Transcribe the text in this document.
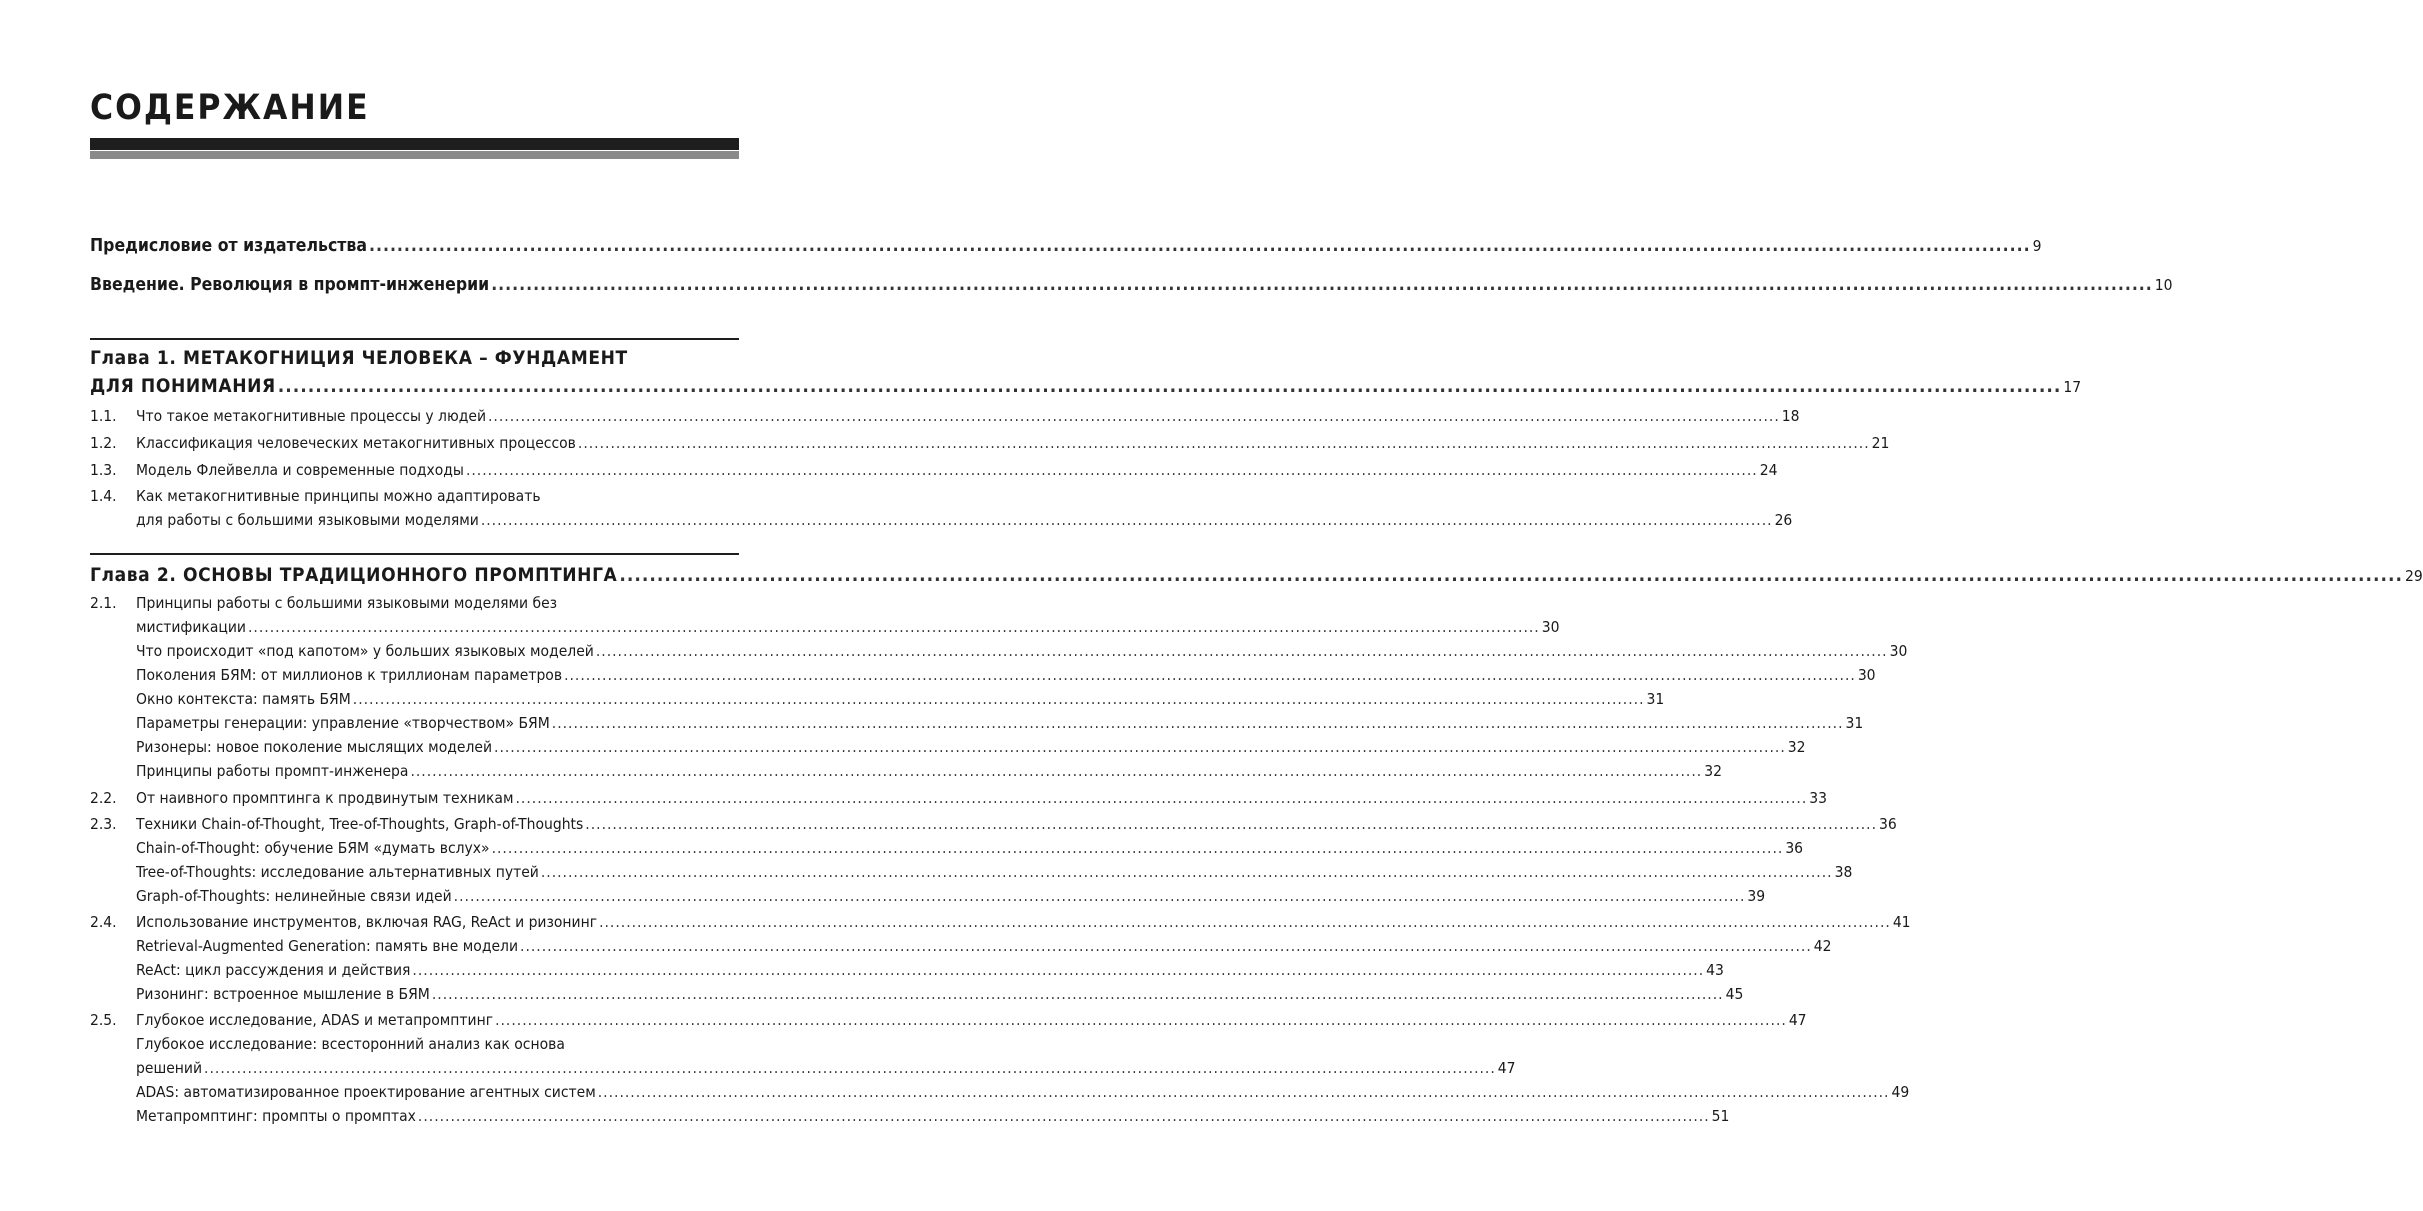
СОДЕРЖАНИЕ
Предисловие от издательства .....	9
Введение. Революция в промпт-инженерии .....	10
Глава 1. МЕТАКОГНИЦИЯ ЧЕЛОВЕКА – ФУНДАМЕНТ
ДЛЯ ПОНИМАНИЯ .....	17
1.1.	Что такое метакогнитивные процессы у людей .....	18
1.2.	Классификация человеческих метакогнитивных процессов .....	21
1.3.	Модель Флейвелла и современные подходы .....	24
1.4.	Как метакогнитивные принципы можно адаптировать
для работы с большими языковыми моделями .....	26
Глава 2. ОСНОВЫ ТРАДИЦИОННОГО ПРОМПТИНГА .....	29
2.1.	Принципы работы с большими языковыми моделями без
мистификации .....	30
Что происходит «под капотом» у больших языковых моделей .....	30
Поколения БЯМ: от миллионов к триллионам параметров .....	30
Окно контекста: память БЯМ .....	31
Параметры генерации: управление «творчеством» БЯМ .....	31
Ризонеры: новое поколение мыслящих моделей .....	32
Принципы работы промпт-инженера .....	32
2.2.	От наивного промптинга к продвинутым техникам .....	33
2.3.	Техники Chain-of-Thought, Tree-of-Thoughts, Graph-of-Thoughts .....	36
Chain-of-Thought: обучение БЯМ «думать вслух» .....	36
Tree-of-Thoughts: исследование альтернативных путей .....	38
Graph-of-Thoughts: нелинейные связи идей .....	39
2.4.	Использование инструментов, включая RAG, ReAct и ризонинг .....	41
Retrieval-Augmented Generation: память вне модели .....	42
ReAct: цикл рассуждения и действия .....	43
Ризонинг: встроенное мышление в БЯМ .....	45
2.5.	Глубокое исследование, ADAS и метапромптинг .....	47
Глубокое исследование: всесторонний анализ как основа
решений .....	47
ADAS: автоматизированное проектирование агентных систем .....	49
Метапромптинг: промпты о промптах .....	51
